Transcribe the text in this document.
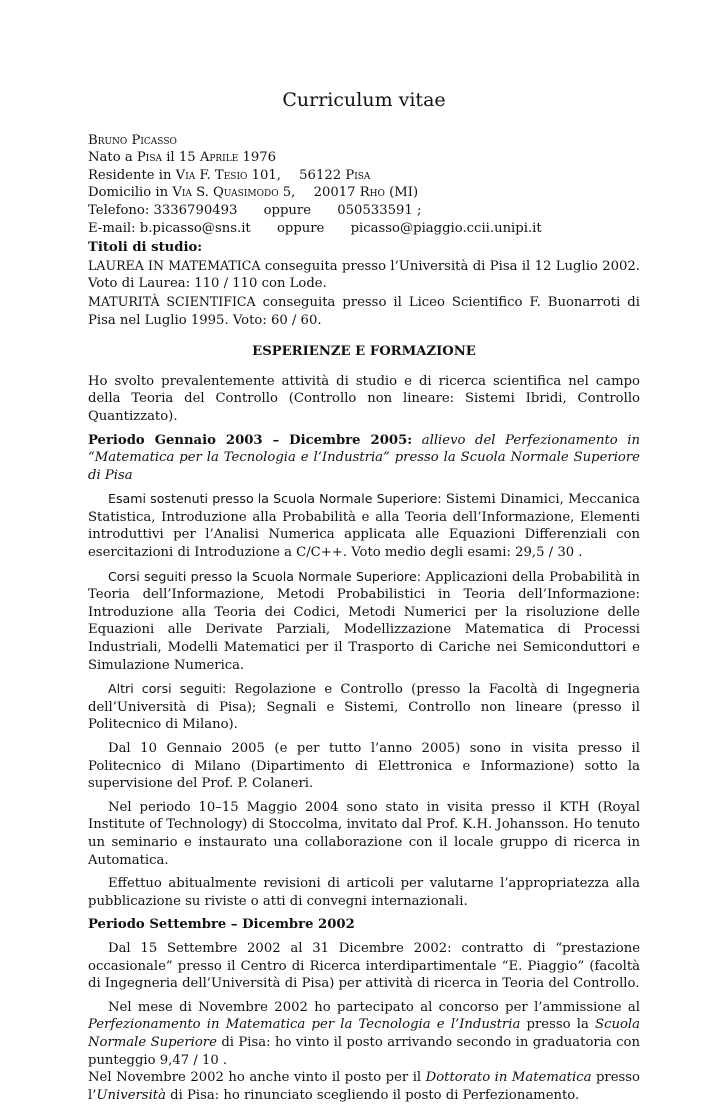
Curriculum vitae
Bruno Picasso
Nato a Pisa il 15 Aprile 1976
Residente in Via F. Tesio 101, 56122 Pisa
Domicilio in Via S. Quasimodo 5, 20017 Rho (MI)
Telefono: 3336790493 oppure 050533591 ;
E-mail: b.picasso@sns.it oppure picasso@piaggio.ccii.unipi.it
Titoli di studio:

LAUREA IN MATEMATICA conseguita presso l’Università di Pisa il 12 Luglio 2002. Voto di Laurea: 110 / 110 con Lode.

MATURITÀ SCIENTIFICA conseguita presso il Liceo Scientifico F. Buonarroti di Pisa nel Luglio 1995. Voto: 60 / 60.

ESPERIENZE E FORMAZIONE

Ho svolto prevalentemente attività di studio e di ricerca scientifica nel campo della Teoria del Controllo (Controllo non lineare: Sistemi Ibridi, Controllo Quantizzato).

Periodo Gennaio 2003 – Dicembre 2005: allievo del Perfezionamento in “Matematica per la Tecnologia e l’Industria” presso la Scuola Normale Superiore di Pisa

Esami sostenuti presso la Scuola Normale Superiore: Sistemi Dinamici, Meccanica Statistica, Introduzione alla Probabilità e alla Teoria dell’Informazione, Elementi introduttivi per l’Analisi Numerica applicata alle Equazioni Differenziali con esercitazioni di Introduzione a C/C++. Voto medio degli esami: 29,5 / 30 .

Corsi seguiti presso la Scuola Normale Superiore: Applicazioni della Probabilità in Teoria dell’Informazione, Metodi Probabilistici in Teoria dell’Informazione: Introduzione alla Teoria dei Codici, Metodi Numerici per la risoluzione delle Equazioni alle Derivate Parziali, Modellizzazione Matematica di Processi Industriali, Modelli Matematici per il Trasporto di Cariche nei Semiconduttori e Simulazione Numerica.

Altri corsi seguiti: Regolazione e Controllo (presso la Facoltà di Ingegneria dell’Università di Pisa); Segnali e Sistemi, Controllo non lineare (presso il Politecnico di Milano).

Dal 10 Gennaio 2005 (e per tutto l’anno 2005) sono in visita presso il Politecnico di Milano (Dipartimento di Elettronica e Informazione) sotto la supervisione del Prof. P. Colaneri.

Nel periodo 10–15 Maggio 2004 sono stato in visita presso il KTH (Royal Institute of Technology) di Stoccolma, invitato dal Prof. K.H. Johansson. Ho tenuto un seminario e instaurato una collaborazione con il locale gruppo di ricerca in Automatica.

Effettuo abitualmente revisioni di articoli per valutarne l’appropriatezza alla pubblicazione su riviste o atti di convegni internazionali.

Periodo Settembre – Dicembre 2002

Dal 15 Settembre 2002 al 31 Dicembre 2002: contratto di “prestazione occasionale” presso il Centro di Ricerca interdipartimentale “E. Piaggio” (facoltà di Ingegneria dell’Università di Pisa) per attività di ricerca in Teoria del Controllo.

Nel mese di Novembre 2002 ho partecipato al concorso per l’ammissione al Perfezionamento in Matematica per la Tecnologia e l’Industria presso la Scuola Normale Superiore di Pisa: ho vinto il posto arrivando secondo in graduatoria con punteggio 9,47 / 10 .

Nel Novembre 2002 ho anche vinto il posto per il Dottorato in Matematica presso l’Università di Pisa: ho rinunciato scegliendo il posto di Perfezionamento.
